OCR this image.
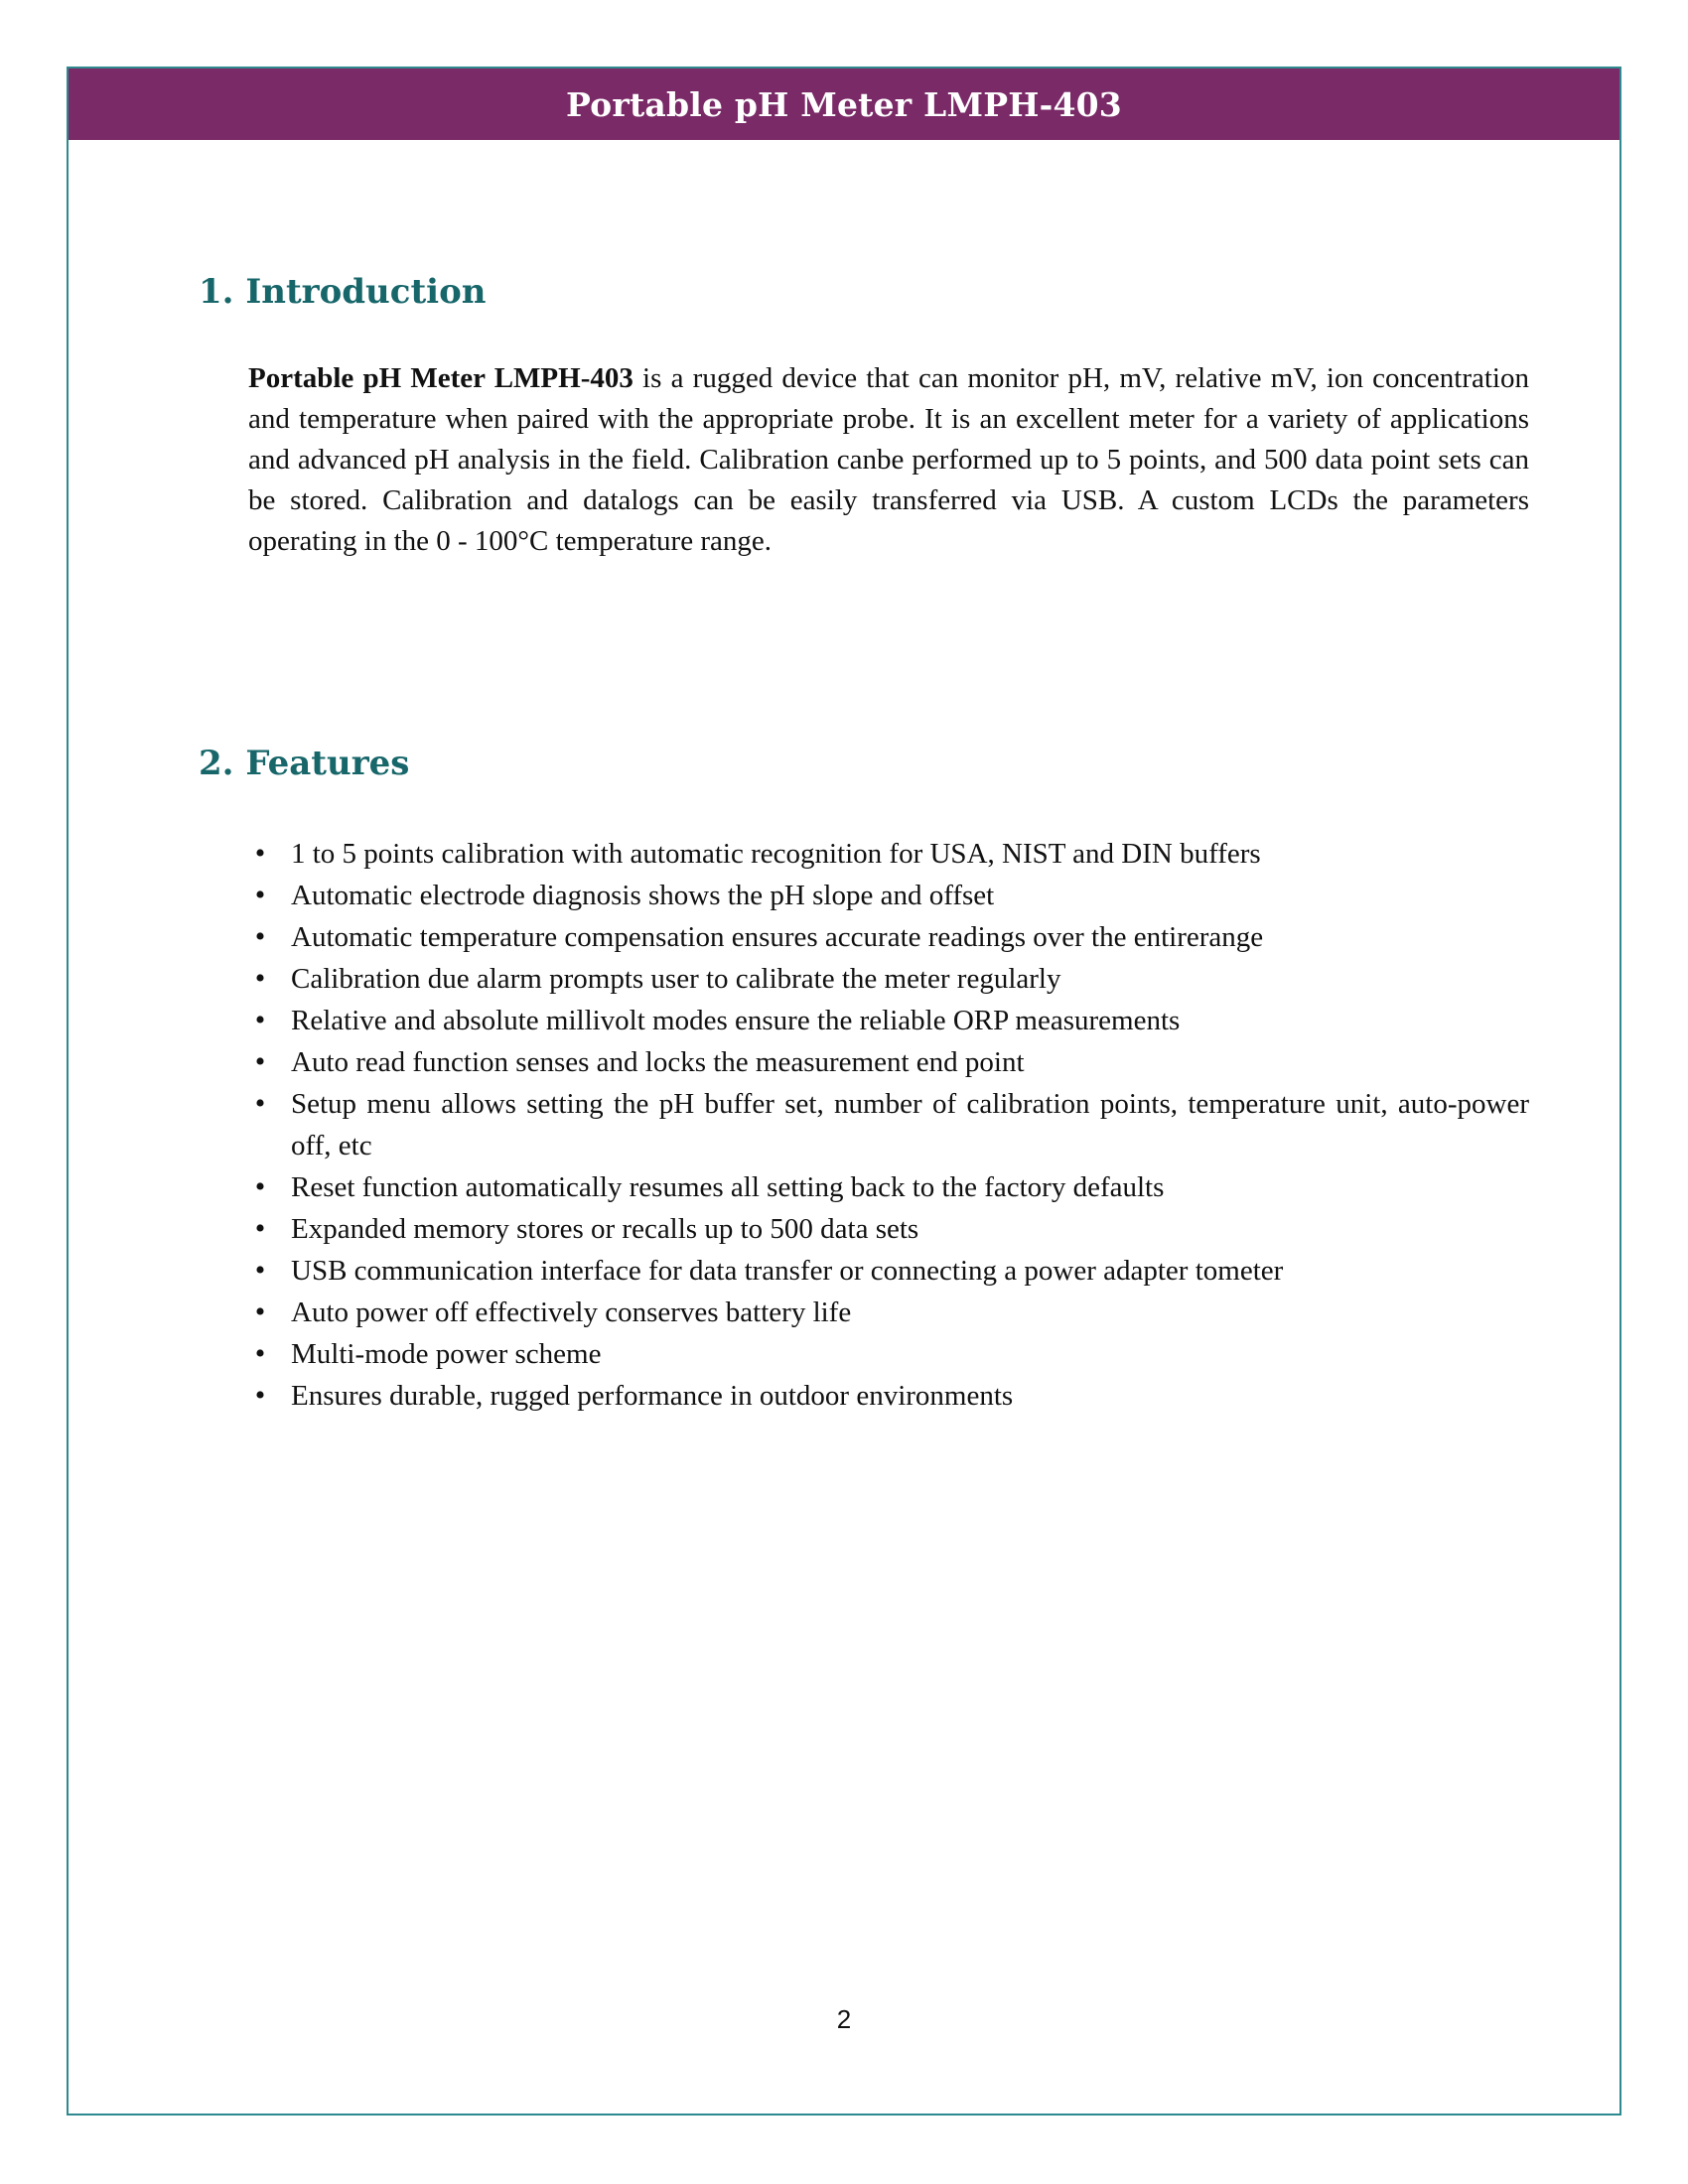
Portable pH Meter LMPH-403
1. Introduction

Portable pH Meter LMPH-403 is a rugged device that can monitor pH, mV, relative mV, ion concentration and temperature when paired with the appropriate probe. It is an excellent meter for a variety of applications and advanced pH analysis in the field. Calibration canbe performed up to 5 points, and 500 data point sets can be stored. Calibration and datalogs can be easily transferred via USB. A custom LCDs the parameters operating in the 0 - 100°C temperature range.

2. Features
• 1 to 5 points calibration with automatic recognition for USA, NIST and DIN buffers
• Automatic electrode diagnosis shows the pH slope and offset
• Automatic temperature compensation ensures accurate readings over the entirerange
• Calibration due alarm prompts user to calibrate the meter regularly
• Relative and absolute millivolt modes ensure the reliable ORP measurements
• Auto read function senses and locks the measurement end point
• Setup menu allows setting the pH buffer set, number of calibration points, temperature unit, auto-power off, etc
• Reset function automatically resumes all setting back to the factory defaults
• Expanded memory stores or recalls up to 500 data sets
• USB communication interface for data transfer or connecting a power adapter tometer
• Auto power off effectively conserves battery life
• Multi-mode power scheme
• Ensures durable, rugged performance in outdoor environments
2
